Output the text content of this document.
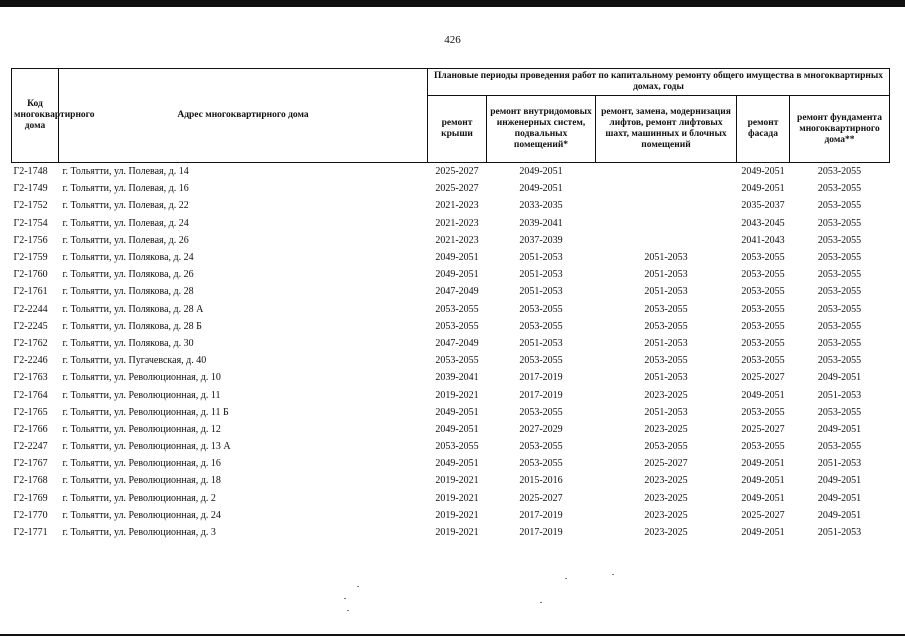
426
Код многоквартирного дома	Адрес многоквартирного дома	Плановые периоды проведения работ по капитальному ремонту общего имущества в многоквартирных домах, годы				
		ремонт крыши	ремонт внутридомовых инженерных систем, подвальных помещений*	ремонт, замена, модернизация лифтов, ремонт лифтовых шахт, машинных и блочных помещений	ремонт фасада	ремонт фундамента многоквартирного дома**
Г2-1748	г. Тольятти, ул. Полевая, д. 14	2025-2027	2049-2051		2049-2051	2053-2055
Г2-1749	г. Тольятти, ул. Полевая, д. 16	2025-2027	2049-2051		2049-2051	2053-2055
Г2-1752	г. Тольятти, ул. Полевая, д. 22	2021-2023	2033-2035		2035-2037	2053-2055
Г2-1754	г. Тольятти, ул. Полевая, д. 24	2021-2023	2039-2041		2043-2045	2053-2055
Г2-1756	г. Тольятти, ул. Полевая, д. 26	2021-2023	2037-2039		2041-2043	2053-2055
Г2-1759	г. Тольятти, ул. Полякова, д. 24	2049-2051	2051-2053	2051-2053	2053-2055	2053-2055
Г2-1760	г. Тольятти, ул. Полякова, д. 26	2049-2051	2051-2053	2051-2053	2053-2055	2053-2055
Г2-1761	г. Тольятти, ул. Полякова, д. 28	2047-2049	2051-2053	2051-2053	2053-2055	2053-2055
Г2-2244	г. Тольятти, ул. Полякова, д. 28 А	2053-2055	2053-2055	2053-2055	2053-2055	2053-2055
Г2-2245	г. Тольятти, ул. Полякова, д. 28 Б	2053-2055	2053-2055	2053-2055	2053-2055	2053-2055
Г2-1762	г. Тольятти, ул. Полякова, д. 30	2047-2049	2051-2053	2051-2053	2053-2055	2053-2055
Г2-2246	г. Тольятти, ул. Пугачевская, д. 40	2053-2055	2053-2055	2053-2055	2053-2055	2053-2055
Г2-1763	г. Тольятти, ул. Революционная, д. 10	2039-2041	2017-2019	2051-2053	2025-2027	2049-2051
Г2-1764	г. Тольятти, ул. Революционная, д. 11	2019-2021	2017-2019	2023-2025	2049-2051	2051-2053
Г2-1765	г. Тольятти, ул. Революционная, д. 11 Б	2049-2051	2053-2055	2051-2053	2053-2055	2053-2055
Г2-1766	г. Тольятти, ул. Революционная, д. 12	2049-2051	2027-2029	2023-2025	2025-2027	2049-2051
Г2-2247	г. Тольятти, ул. Революционная, д. 13 А	2053-2055	2053-2055	2053-2055	2053-2055	2053-2055
Г2-1767	г. Тольятти, ул. Революционная, д. 16	2049-2051	2053-2055	2025-2027	2049-2051	2051-2053
Г2-1768	г. Тольятти, ул. Революционная, д. 18	2019-2021	2015-2016	2023-2025	2049-2051	2049-2051
Г2-1769	г. Тольятти, ул. Революционная, д. 2	2019-2021	2025-2027	2023-2025	2049-2051	2049-2051
Г2-1770	г. Тольятти, ул. Революционная, д. 24	2019-2021	2017-2019	2023-2025	2025-2027	2049-2051
Г2-1771	г. Тольятти, ул. Революционная, д. 3	2019-2021	2017-2019	2023-2025	2049-2051	2051-2053
